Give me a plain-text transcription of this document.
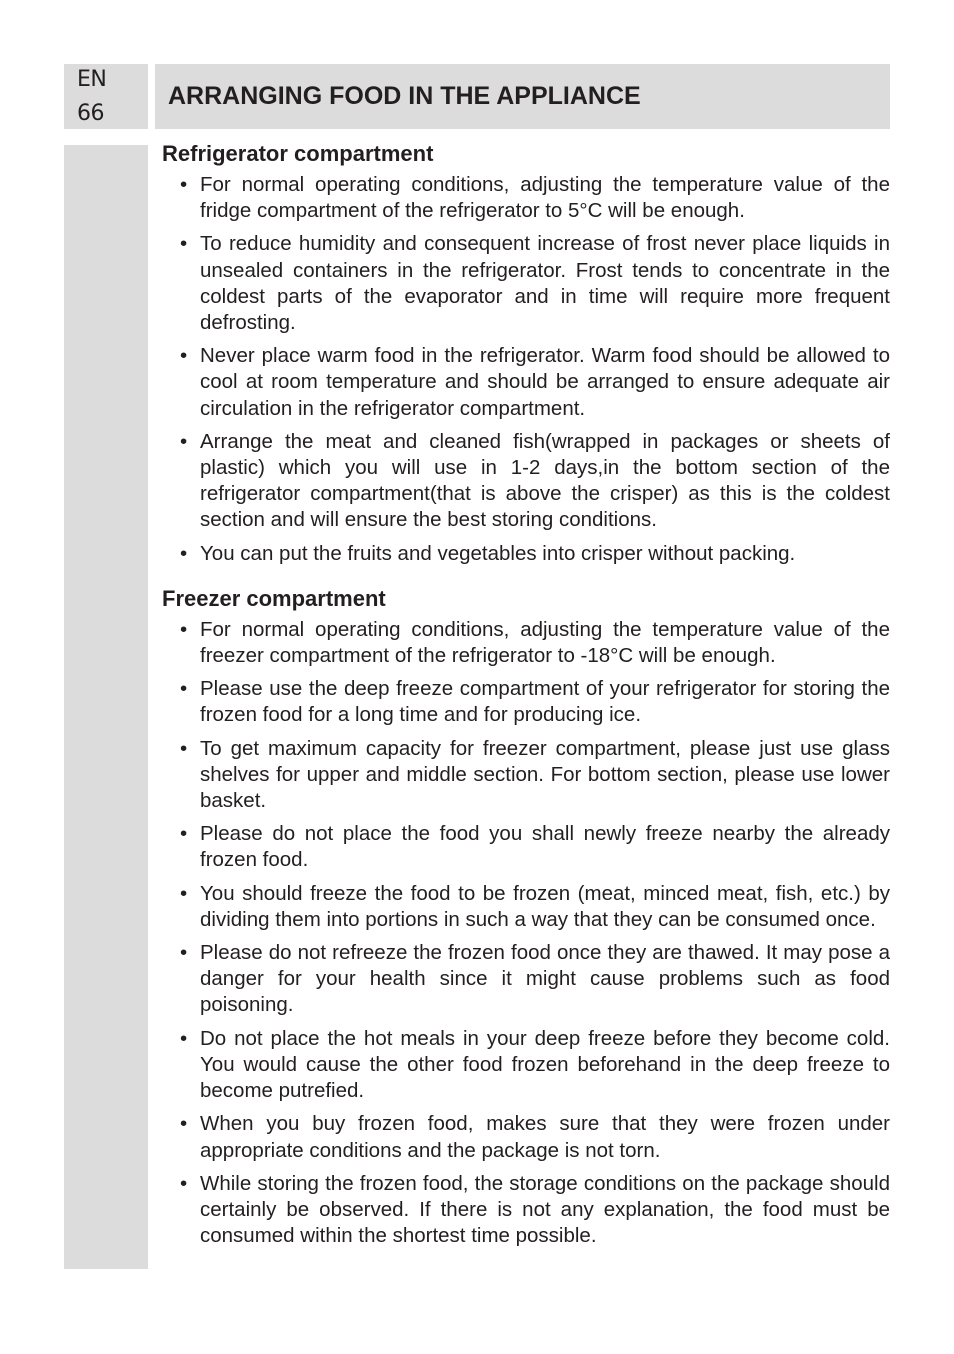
EN
66
ARRANGING FOOD IN THE APPLIANCE
Refrigerator compartment
• For normal operating conditions, adjusting the temperature value of the fridge compartment of the refrigerator to 5°C will be enough.
• To reduce humidity and consequent increase of frost never place liquids in unsealed containers in the refrigerator. Frost tends to concentrate in the coldest parts of the evaporator and in time will require more frequent defrosting.
• Never place warm food in the refrigerator. Warm food should be allowed to cool at room temperature and should be arranged to ensure adequate air circulation in the refrigerator compartment.
• Arrange the meat and cleaned fish(wrapped in packages or sheets of plastic) which you will use in 1-2 days,in the bottom section of the refrigerator compartment(that is above the crisper) as this is the coldest section and will ensure the best storing conditions.
• You can put the fruits and vegetables into crisper without packing.
Freezer compartment
• For normal operating conditions, adjusting the temperature value of the freezer compartment of the refrigerator to -18°C will be enough.
• Please use the deep freeze compartment of your refrigerator for storing the frozen food for a long time and for producing ice.
• To get maximum capacity for freezer compartment, please just use glass shelves for upper and middle section. For bottom section, please use lower basket.
• Please do not place the food you shall newly freeze nearby the already frozen food.
• You should freeze the food to be frozen (meat, minced meat, fish, etc.) by dividing them into portions in such a way that they can be consumed once.
• Please do not refreeze the frozen food once they are thawed. It may pose a danger for your health since it might cause problems such as food poisoning.
• Do not place the hot meals in your deep freeze before they become cold. You would cause the other food frozen beforehand in the deep freeze to become putrefied.
• When you buy frozen food, makes sure that they were frozen under appropriate conditions and the package is not torn.
• While storing the frozen food, the storage conditions on the package should certainly be observed. If there is not any explanation, the food must be consumed within the shortest time possible.
